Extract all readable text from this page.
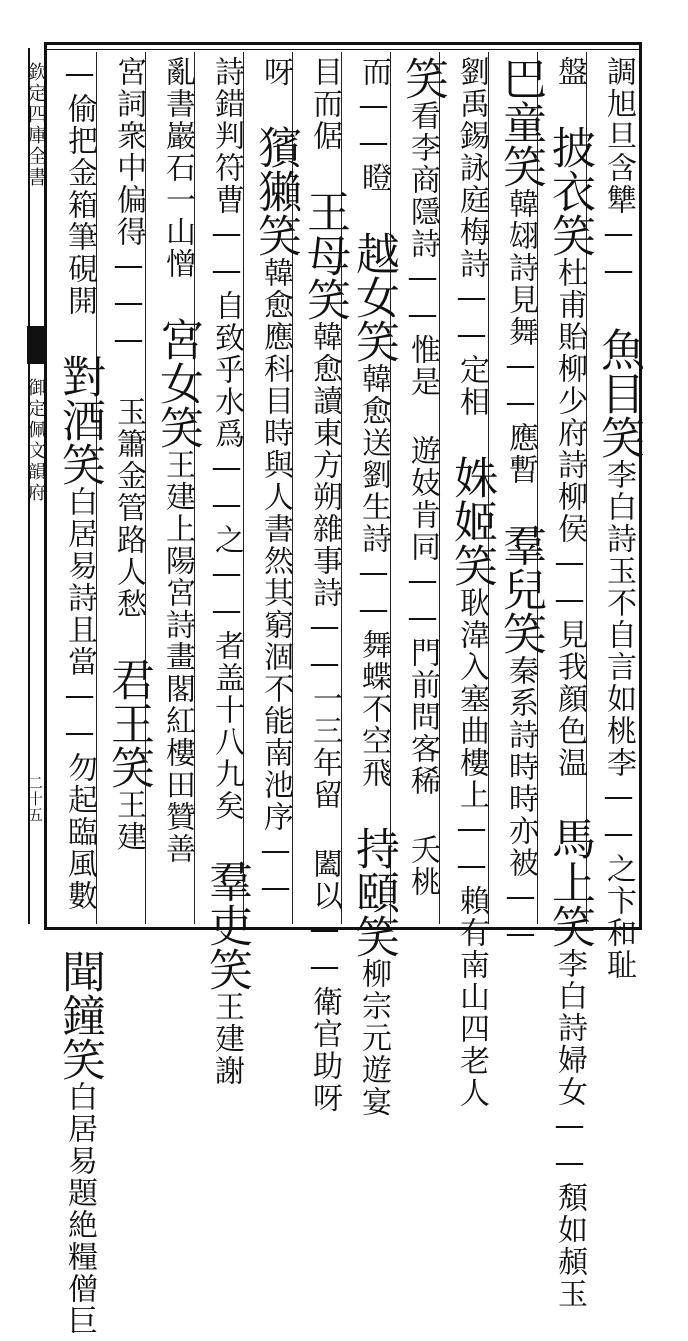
欽定四庫全書
御定佩文韻府
二十五
調旭旦含犨—— 魚目笑李白詩玉不自言如桃李——之卞和耻
盤 披衣笑杜甫貽柳少府詩柳侯——見我顔色温 馬上笑李白詩婦女——頽如頳玉
巴童笑韓翃詩見舞——應暫 羣兒笑秦系詩時時亦被——
劉禹錫詠庭梅詩——定相 姝姬笑耿湋入塞曲樓上——賴有南山四老人
笑看李商隱詩——惟是 遊妓肯同——門前問客稀 夭桃
而——瞪 越女笑韓愈送劉生詩——舞蝶不空飛 持頤笑柳宗元遊宴
目而倨 王母笑韓愈讀東方朔雜事詩——一三年留 闔以——衛官助呀
呀 獱獺笑韓愈應科目時與人書然其窮涸不能南池序——
詩錯判符曹——自致乎水爲——之——者盖十八九矣 羣吏笑王建謝
亂書巖石一山憎 宮女笑王建上陽宮詩畫閣紅樓田贊善
宮詞衆中偏得——— 玉簫金管路人愁 君王笑王建
—偷把金箱筆硯開 對酒笑白居易詩且當——勿起臨風數 聞鐘笑白居易題絶糧僧巨
